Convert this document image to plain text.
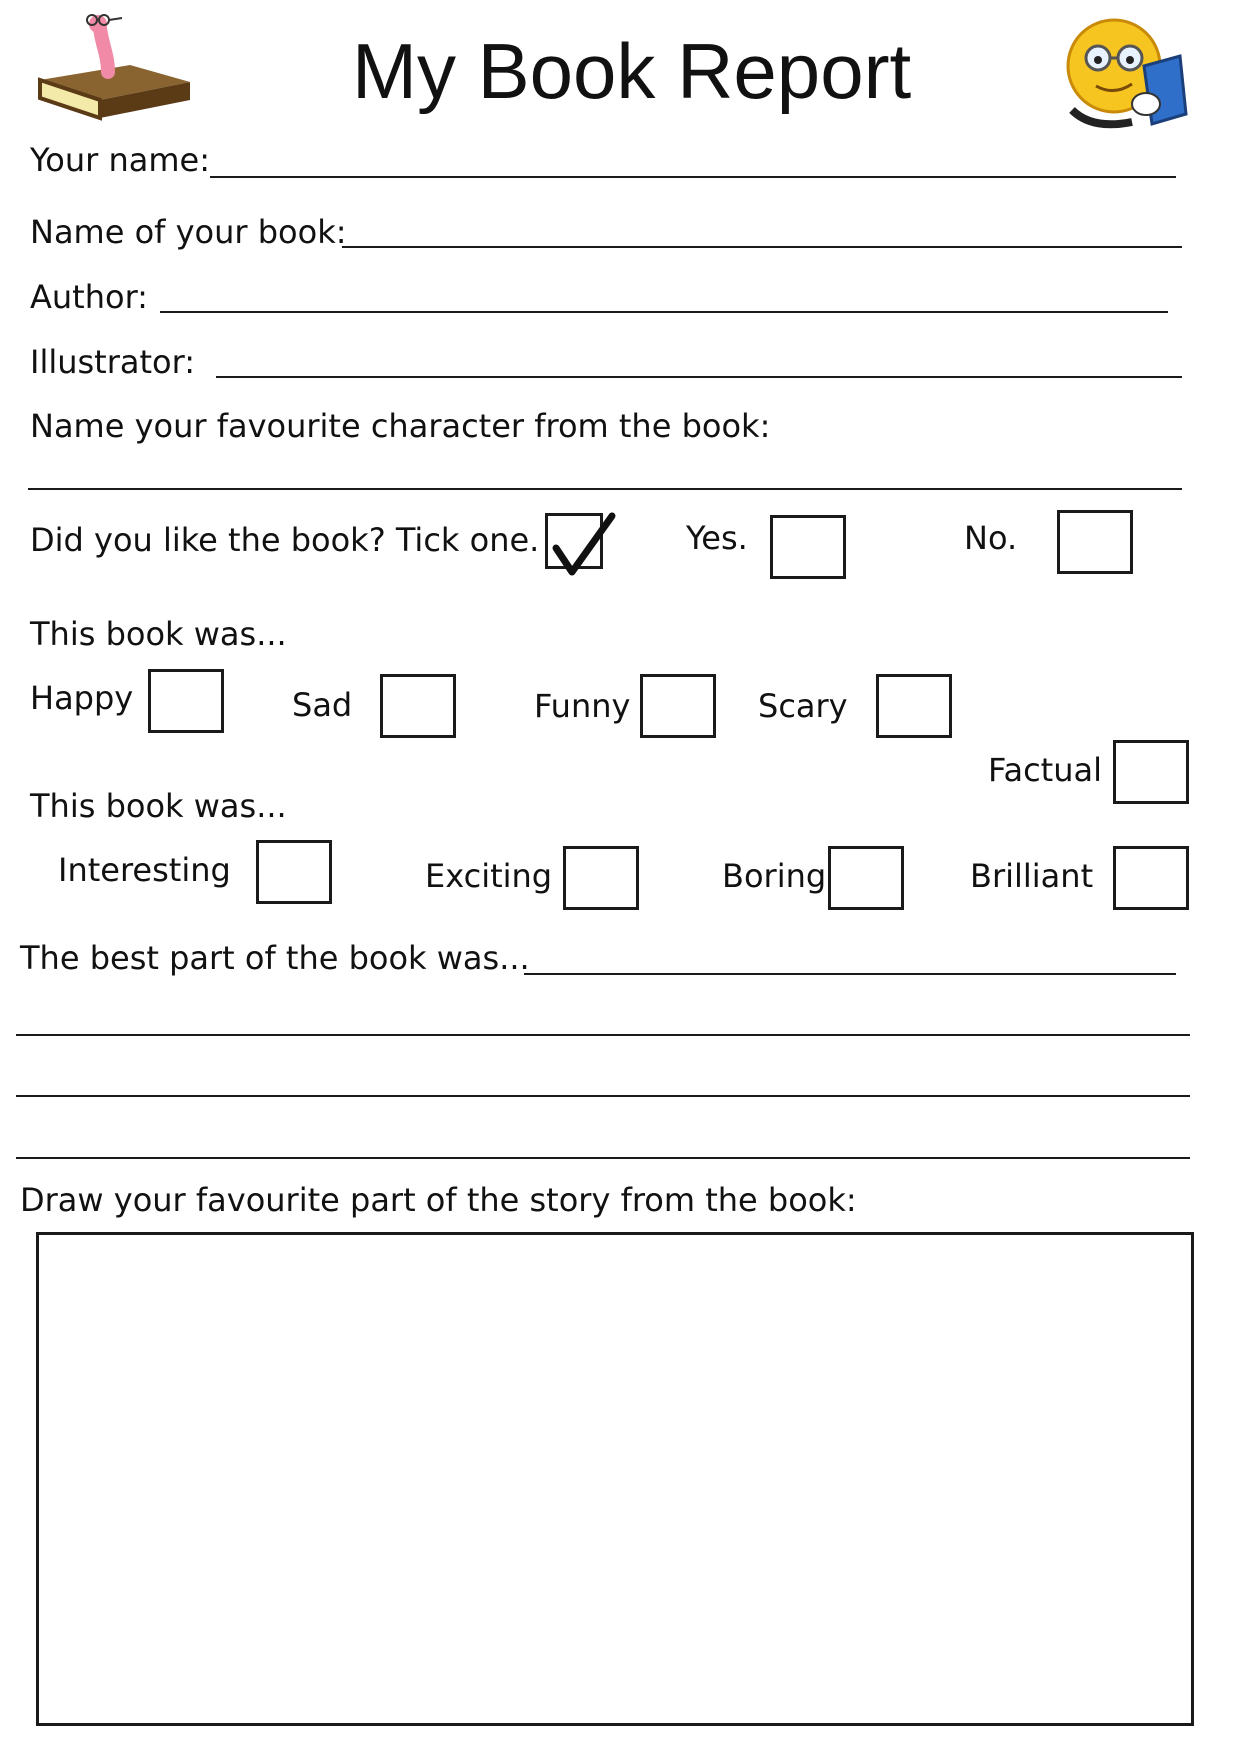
My Book Report
Your name:
Name of your book:
Author:
Illustrator:
Name your favourite character from the book:
Did you like the book? Tick one.	Yes.	No.
This book was...
Happy	Sad	Funny	Scary
Factual
This book was...
Interesting	Exciting	Boring	Brilliant
The best part of the book was...
Draw your favourite part of the story from the book:
